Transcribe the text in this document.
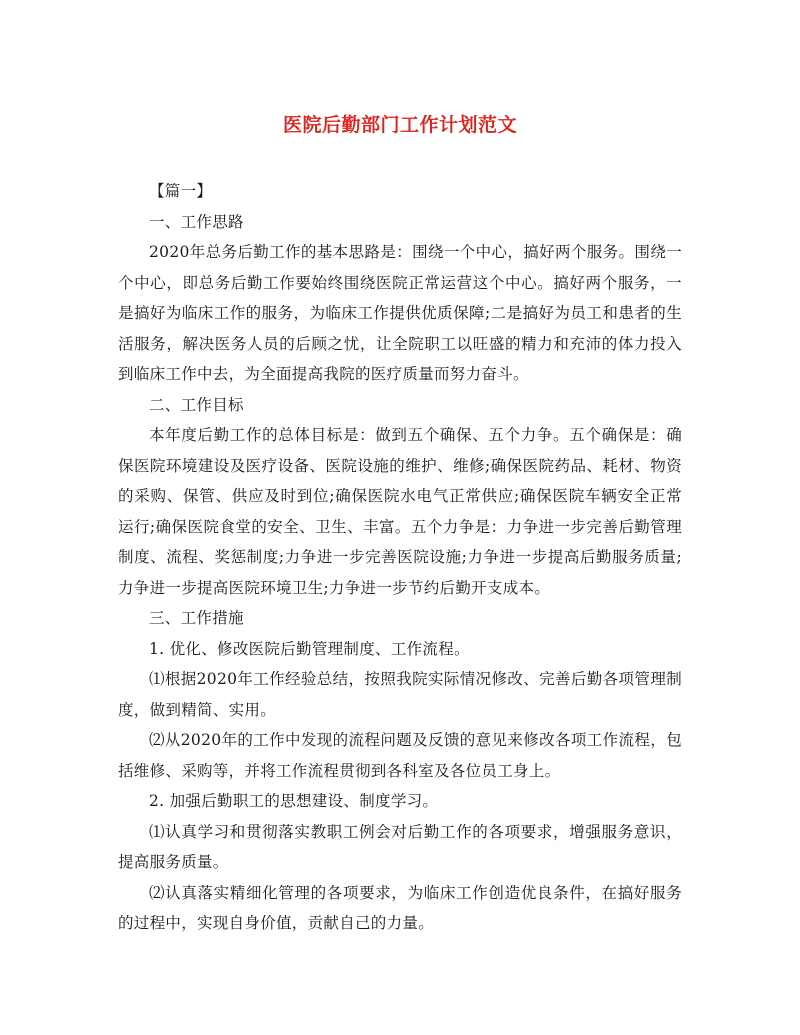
医院后勤部门工作计划范文

【篇一】

一、工作思路

2020年总务后勤工作的基本思路是：围绕一个中心，搞好两个服务。围绕一个中心，即总务后勤工作要始终围绕医院正常运营这个中心。搞好两个服务，一是搞好为临床工作的服务，为临床工作提供优质保障;二是搞好为员工和患者的生活服务，解决医务人员的后顾之忧，让全院职工以旺盛的精力和充沛的体力投入到临床工作中去，为全面提高我院的医疗质量而努力奋斗。

二、工作目标

本年度后勤工作的总体目标是：做到五个确保、五个力争。五个确保是：确保医院环境建设及医疗设备、医院设施的维护、维修;确保医院药品、耗材、物资的采购、保管、供应及时到位;确保医院水电气正常供应;确保医院车辆安全正常运行;确保医院食堂的安全、卫生、丰富。五个力争是：力争进一步完善后勤管理制度、流程、奖惩制度;力争进一步完善医院设施;力争进一步提高后勤服务质量;力争进一步提高医院环境卫生;力争进一步节约后勤开支成本。

三、工作措施

1. 优化、修改医院后勤管理制度、工作流程。

⑴根据2020年工作经验总结，按照我院实际情况修改、完善后勤各项管理制度，做到精简、实用。

⑵从2020年的工作中发现的流程问题及反馈的意见来修改各项工作流程，包括维修、采购等，并将工作流程贯彻到各科室及各位员工身上。

2. 加强后勤职工的思想建设、制度学习。

⑴认真学习和贯彻落实教职工例会对后勤工作的各项要求，增强服务意识，提高服务质量。

⑵认真落实精细化管理的各项要求，为临床工作创造优良条件，在搞好服务的过程中，实现自身价值，贡献自己的力量。
